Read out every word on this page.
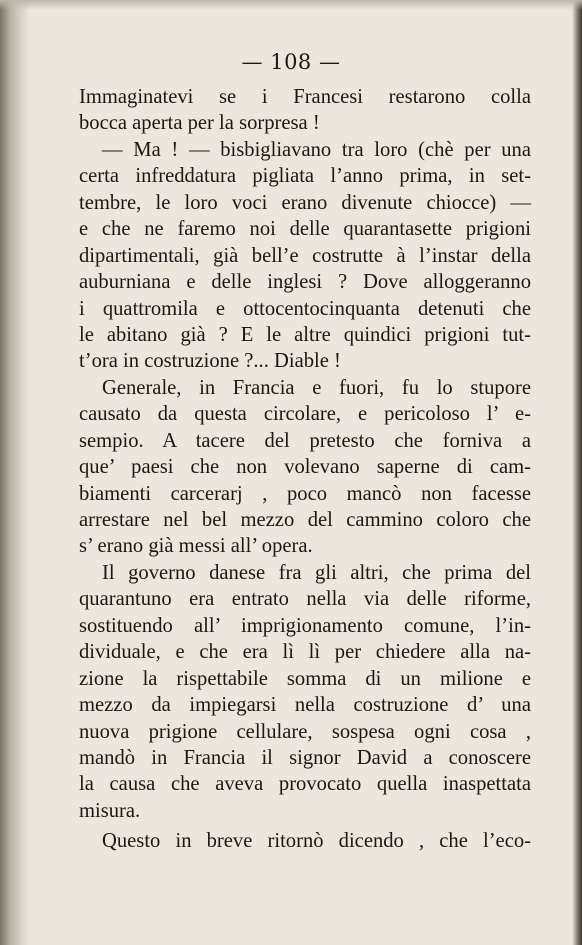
— 108 —
Immaginatevi se i Francesi restarono colla
bocca aperta per la sorpresa !
— Ma ! — bisbigliavano tra loro (chè per una
certa infreddatura pigliata l’anno prima, in set-
tembre, le loro voci erano divenute chiocce) —
e che ne faremo noi delle quarantasette prigioni
dipartimentali, già bell’e costrutte à l’instar della
auburniana e delle inglesi ? Dove alloggeranno
i quattromila e ottocentocinquanta detenuti che
le abitano già ? E le altre quindici prigioni tut-
t’ora in costruzione ?... Diable !
Generale, in Francia e fuori, fu lo stupore
causato da questa circolare, e pericoloso l’ e-
sempio. A tacere del pretesto che forniva a
que’ paesi che non volevano saperne di cam-
biamenti carcerarj , poco mancò non facesse
arrestare nel bel mezzo del cammino coloro che
s’ erano già messi all’ opera.
Il governo danese fra gli altri, che prima del
quarantuno era entrato nella via delle riforme,
sostituendo all’ imprigionamento comune, l’in-
dividuale, e che era lì lì per chiedere alla na-
zione la rispettabile somma di un milione e
mezzo da impiegarsi nella costruzione d’ una
nuova prigione cellulare, sospesa ogni cosa ,
mandò in Francia il signor David a conoscere
la causa che aveva provocato quella inaspettata
misura.
Questo in breve ritornò dicendo , che l’eco-
